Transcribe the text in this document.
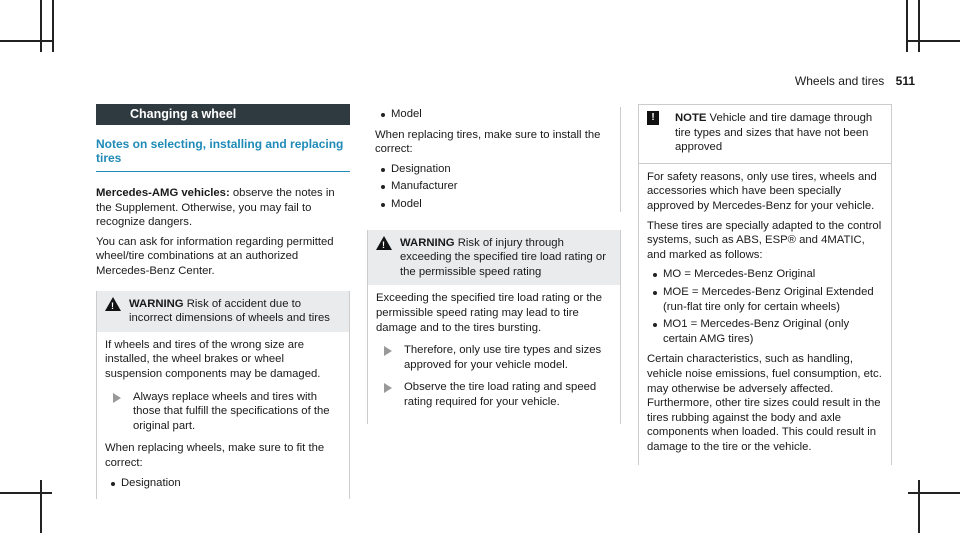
Wheels and tires 511
Changing a wheel
Notes on selecting, installing and replacing tires

Mercedes-AMG vehicles: observe the notes in the Supplement. Otherwise, you may fail to recognize dangers.

You can ask for information regarding permitted wheel/tire combinations at an authorized Mercedes-Benz Center.

!
WARNING Risk of accident due to incorrect dimensions of wheels and tires

If wheels and tires of the wrong size are installed, the wheel brakes or wheel suspension components may be damaged.

Always replace wheels and tires with those that fulfill the specifications of the original part.

When replacing wheels, make sure to fit the correct:

Designation
Model

When replacing tires, make sure to install the correct:

Designation
Manufacturer
Model
!
WARNING Risk of injury through exceeding the specified tire load rating or the permissible speed rating

Exceeding the specified tire load rating or the permissible speed rating may lead to tire damage and to the tires bursting.

Therefore, only use tire types and sizes approved for your vehicle model.
Observe the tire load rating and speed rating required for your vehicle.
!	NOTE Vehicle and tire damage through tire types and sizes that have not been approved

For safety reasons, only use tires, wheels and accessories which have been specially approved by Mercedes-Benz for your vehicle.

These tires are specially adapted to the control systems, such as ABS, ESP® and 4MATIC, and marked as follows:

MO = Mercedes-Benz Original
MOE = Mercedes-Benz Original Extended (run-flat tire only for certain wheels)
MO1 = Mercedes-Benz Original (only certain AMG tires)

Certain characteristics, such as handling, vehicle noise emissions, fuel consumption, etc. may otherwise be adversely affected. Furthermore, other tire sizes could result in the tires rubbing against the body and axle components when loaded. This could result in damage to the tire or the vehicle.
